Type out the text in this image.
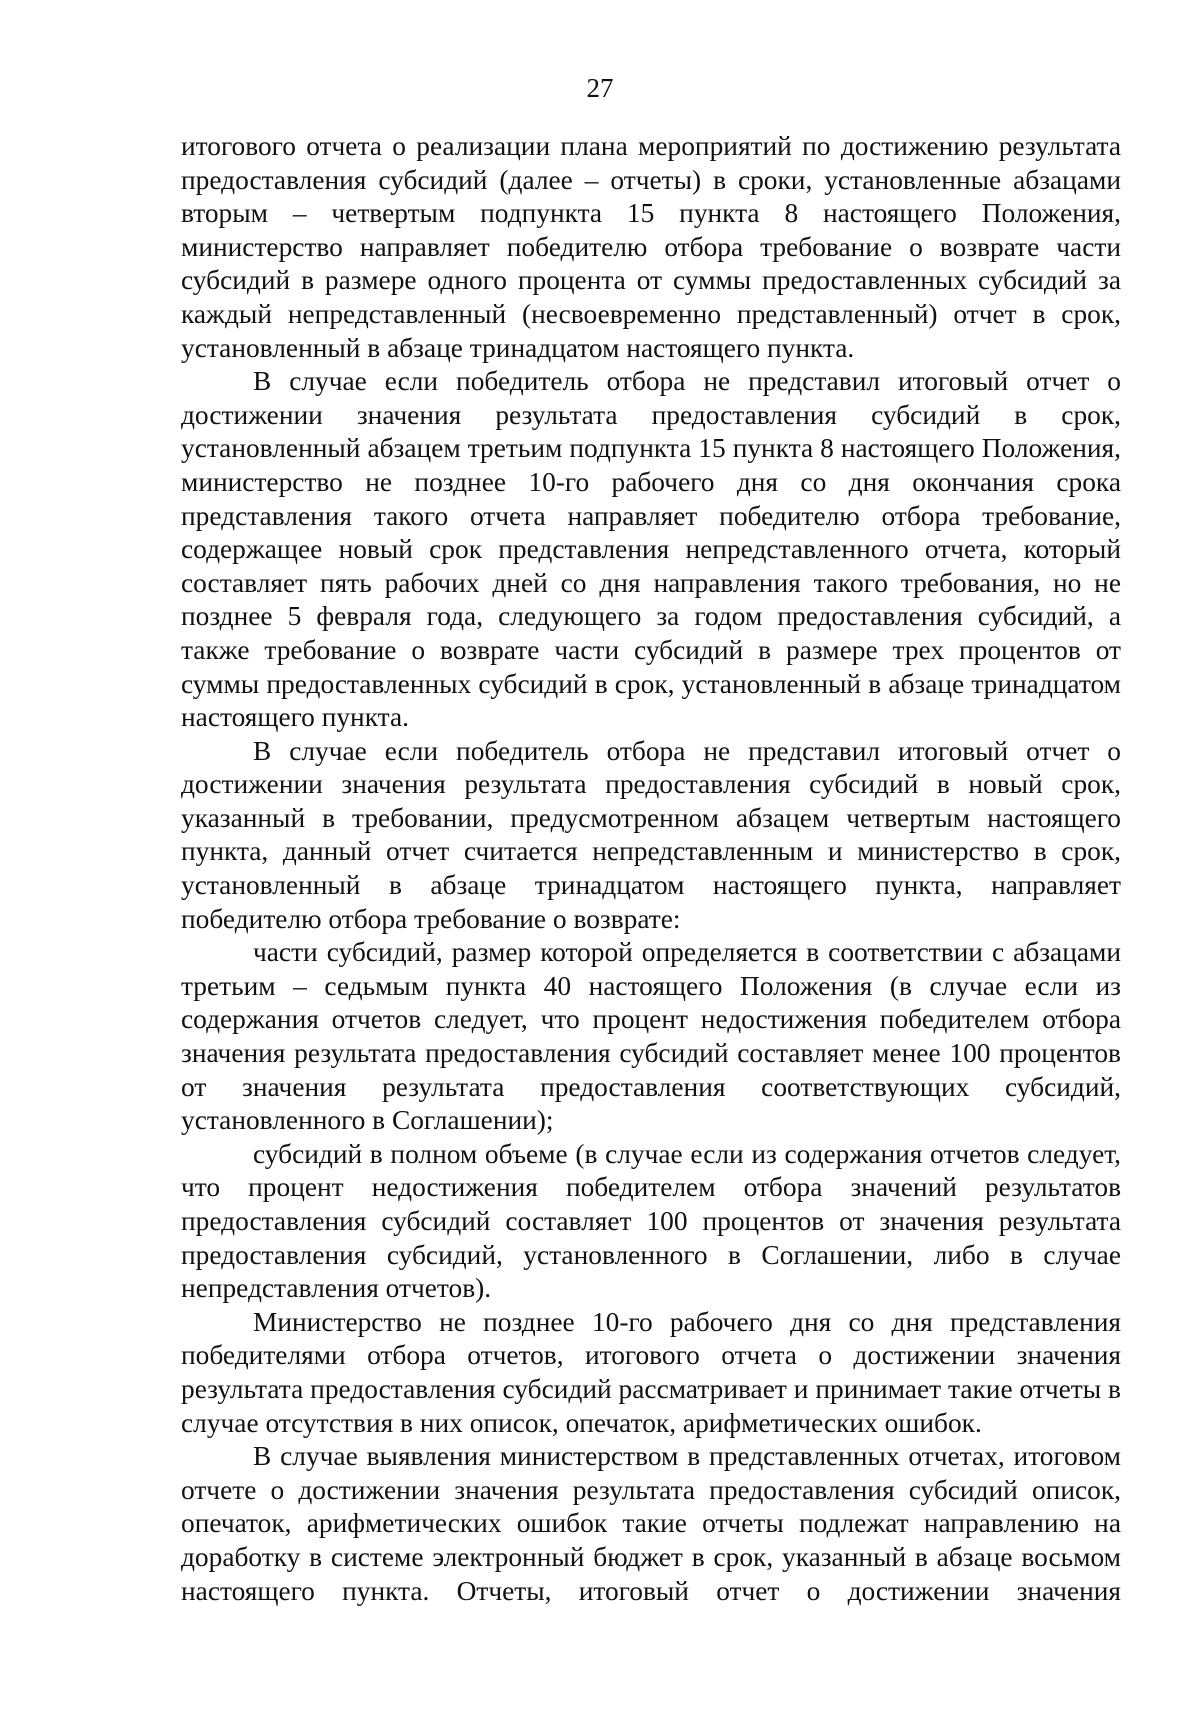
27

итогового отчета о реализации плана мероприятий по достижению результата предоставления субсидий (далее – отчеты) в сроки, установленные абзацами вторым – четвертым подпункта 15 пункта 8 настоящего Положения, министерство направляет победителю отбора требование о возврате части субсидий в размере одного процента от суммы предоставленных субсидий за каждый непредставленный (несвоевременно представленный) отчет в срок, установленный в абзаце тринадцатом настоящего пункта.

В случае если победитель отбора не представил итоговый отчет о достижении значения результата предоставления субсидий в срок, установленный абзацем третьим подпункта 15 пункта 8 настоящего Положения, министерство не позднее 10-го рабочего дня со дня окончания срока представления такого отчета направляет победителю отбора требование, содержащее новый срок представления непредставленного отчета, который составляет пять рабочих дней со дня направления такого требования, но не позднее 5 февраля года, следующего за годом предоставления субсидий, а также требование о возврате части субсидий в размере трех процентов от суммы предоставленных субсидий в срок, установленный в абзаце тринадцатом настоящего пункта.

В случае если победитель отбора не представил итоговый отчет о достижении значения результата предоставления субсидий в новый срок, указанный в требовании, предусмотренном абзацем четвертым настоящего пункта, данный отчет считается непредставленным и министерство в срок, установленный в абзаце тринадцатом настоящего пункта, направляет победителю отбора требование о возврате:

части субсидий, размер которой определяется в соответствии с абзацами третьим – седьмым пункта 40 настоящего Положения (в случае если из содержания отчетов следует, что процент недостижения победителем отбора значения результата предоставления субсидий составляет менее 100 процентов от значения результата предоставления соответствующих субсидий, установленного в Соглашении);

субсидий в полном объеме (в случае если из содержания отчетов следует, что процент недостижения победителем отбора значений результатов предоставления субсидий составляет 100 процентов от значения результата предоставления субсидий, установленного в Соглашении, либо в случае непредставления отчетов).

Министерство не позднее 10-го рабочего дня со дня представления победителями отбора отчетов, итогового отчета о достижении значения результата предоставления субсидий рассматривает и принимает такие отчеты в случае отсутствия в них описок, опечаток, арифметических ошибок.

В случае выявления министерством в представленных отчетах, итоговом отчете о достижении значения результата предоставления субсидий описок, опечаток, арифметических ошибок такие отчеты подлежат направлению на доработку в системе электронный бюджет в срок, указанный в абзаце восьмом настоящего пункта. Отчеты, итоговый отчет о достижении значения
